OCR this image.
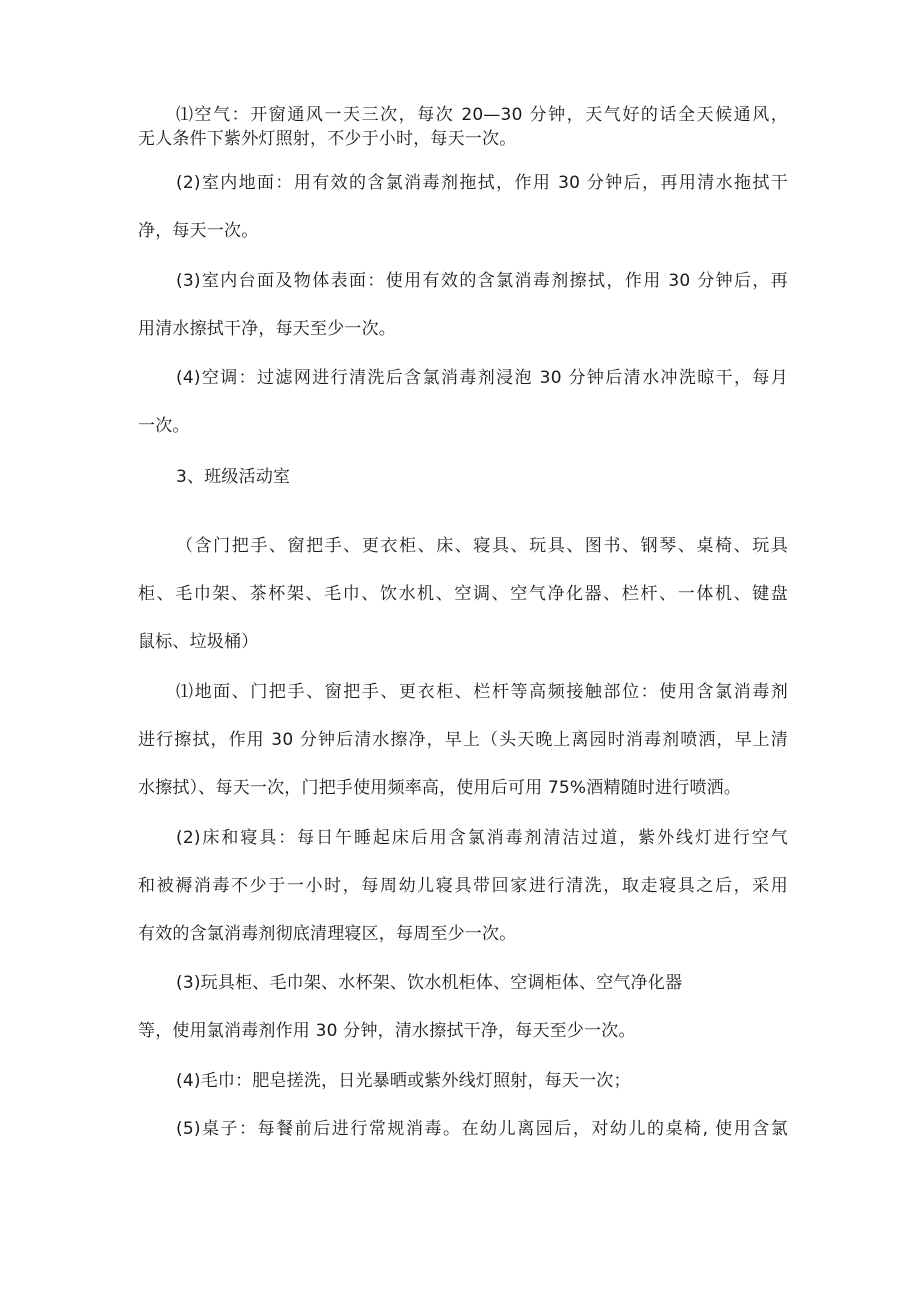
⑴空气：开窗通风一天三次，每次 20—30 分钟，天气好的话全天候通风，
无人条件下紫外灯照射，不少于小时，每天一次。
(2)室内地面：用有效的含氯消毒剂拖拭，作用 30 分钟后，再用清水拖拭干
净，每天一次。
(3)室内台面及物体表面：使用有效的含氯消毒剂擦拭，作用 30 分钟后，再
用清水擦拭干净，每天至少一次。
(4)空调：过滤网进行清洗后含氯消毒剂浸泡 30 分钟后清水冲洗晾干，每月
一次。
3、班级活动室
（含门把手、窗把手、更衣柜、床、寝具、玩具、图书、钢琴、桌椅、玩具
柜、毛巾架、茶杯架、毛巾、饮水机、空调、空气净化器、栏杆、一体机、键盘
鼠标、垃圾桶）
⑴地面、门把手、窗把手、更衣柜、栏杆等高频接触部位：使用含氯消毒剂
进行擦拭，作用 30 分钟后清水擦净，早上（头天晚上离园时消毒剂喷洒，早上清
水擦拭）、每天一次，门把手使用频率高，使用后可用 75%酒精随时进行喷洒。
(2)床和寝具：每日午睡起床后用含氯消毒剂清洁过道，紫外线灯进行空气
和被褥消毒不少于一小时，每周幼儿寝具带回家进行清洗，取走寝具之后，采用
有效的含氯消毒剂彻底清理寝区，每周至少一次。
(3)玩具柜、毛巾架、水杯架、饮水机柜体、空调柜体、空气净化器
等，使用氯消毒剂作用 30 分钟，清水擦拭干净，每天至少一次。
(4)毛巾：肥皂搓洗，日光暴晒或紫外线灯照射，每天一次；
(5)桌子：每餐前后进行常规消毒。在幼儿离园后，对幼儿的桌椅, 使用含氯
